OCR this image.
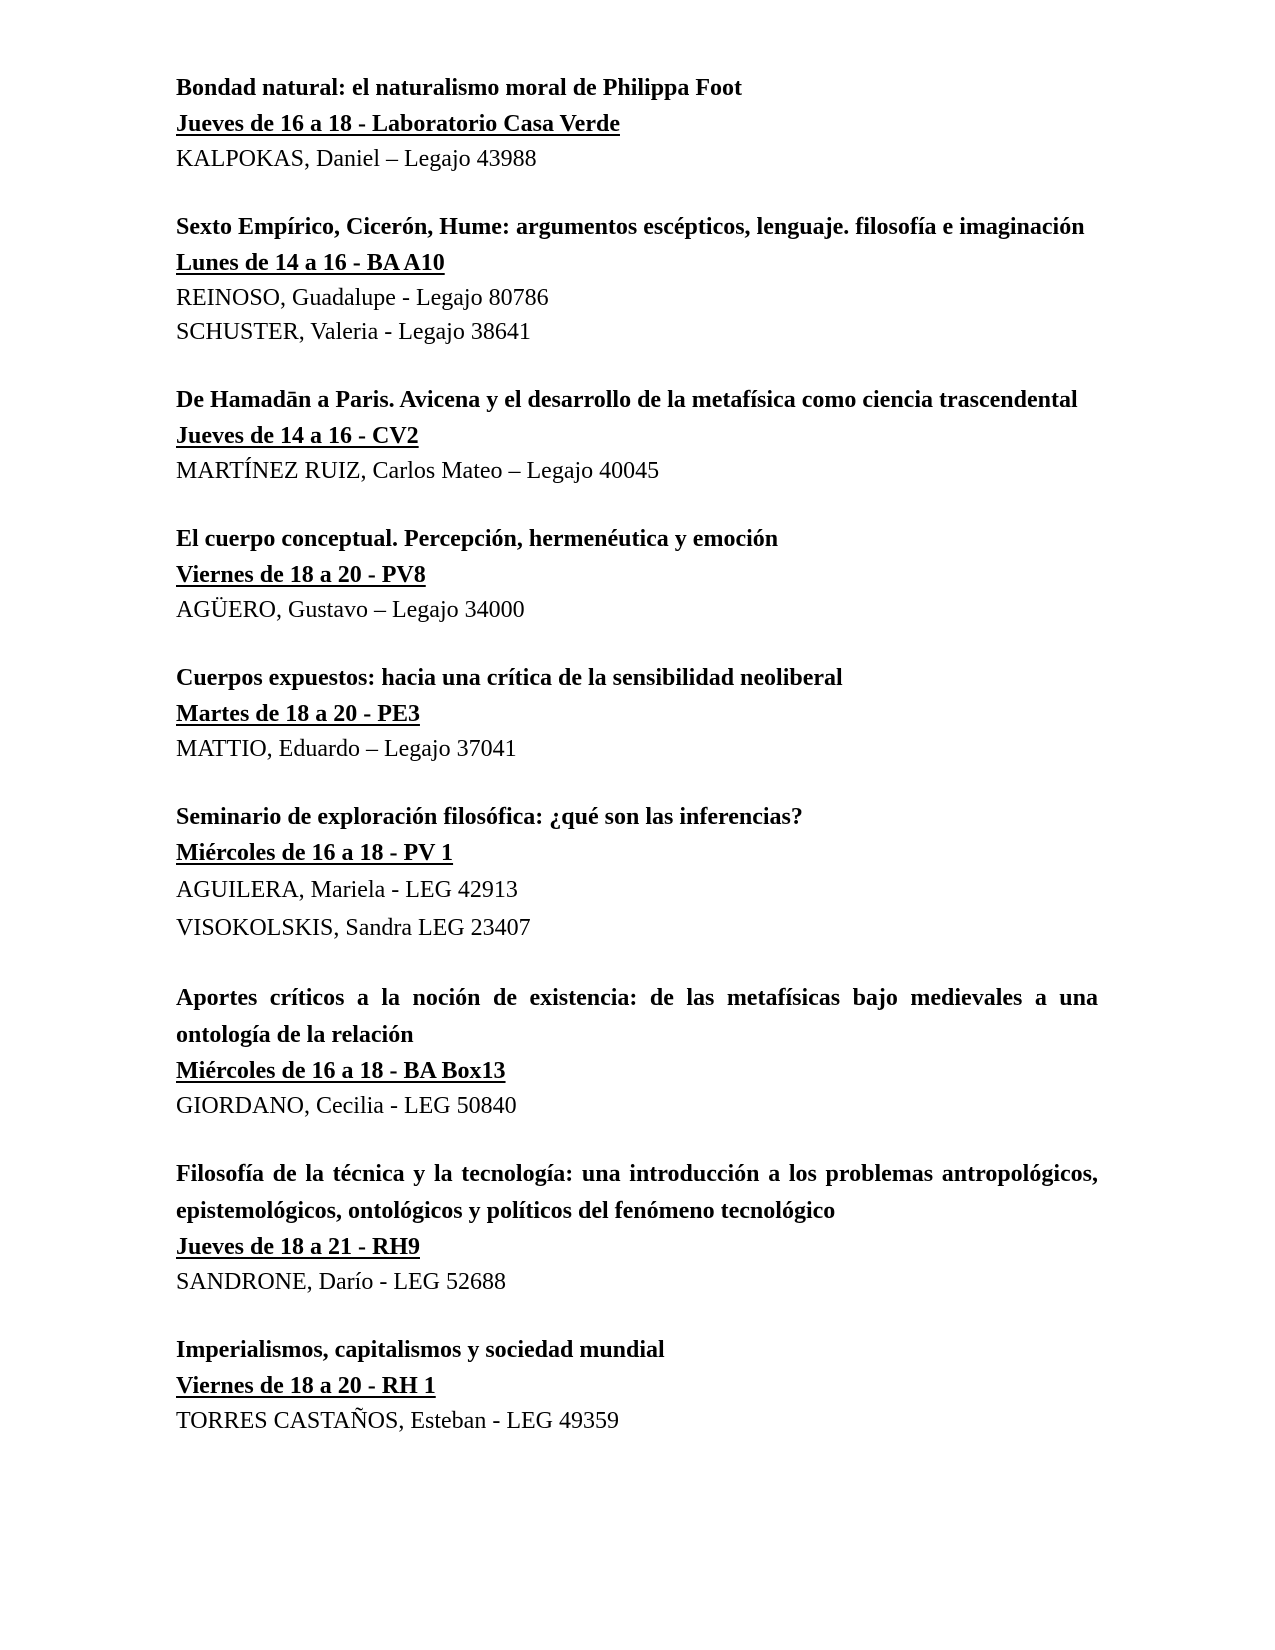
Bondad natural: el naturalismo moral de Philippa Foot

Jueves de 16 a 18 - Laboratorio Casa Verde

KALPOKAS, Daniel – Legajo 43988

Sexto Empírico, Cicerón, Hume: argumentos escépticos, lenguaje. filosofía e imaginación

Lunes de 14 a 16 - BA A10

REINOSO, Guadalupe - Legajo 80786

SCHUSTER, Valeria - Legajo 38641

De Hamadān a Paris. Avicena y el desarrollo de la metafísica como ciencia trascendental

Jueves de 14 a 16 - CV2

MARTÍNEZ RUIZ, Carlos Mateo – Legajo 40045

El cuerpo conceptual. Percepción, hermenéutica y emoción

Viernes de 18 a 20 - PV8

AGÜERO, Gustavo – Legajo 34000

Cuerpos expuestos: hacia una crítica de la sensibilidad neoliberal

Martes de 18 a 20 - PE3

MATTIO, Eduardo – Legajo 37041

Seminario de exploración filosófica: ¿qué son las inferencias?

Miércoles de 16 a 18 - PV 1

AGUILERA, Mariela - LEG 42913

VISOKOLSKIS, Sandra LEG 23407

Aportes críticos a la noción de existencia: de las metafísicas bajo medievales a una ontología de la relación

Miércoles de 16 a 18 - BA Box13

GIORDANO, Cecilia - LEG 50840

Filosofía de la técnica y la tecnología: una introducción a los problemas antropológicos, epistemológicos, ontológicos y políticos del fenómeno tecnológico

Jueves de 18 a 21 - RH9

SANDRONE, Darío - LEG 52688

Imperialismos, capitalismos y sociedad mundial

Viernes de 18 a 20 - RH 1

TORRES CASTAÑOS, Esteban - LEG 49359
